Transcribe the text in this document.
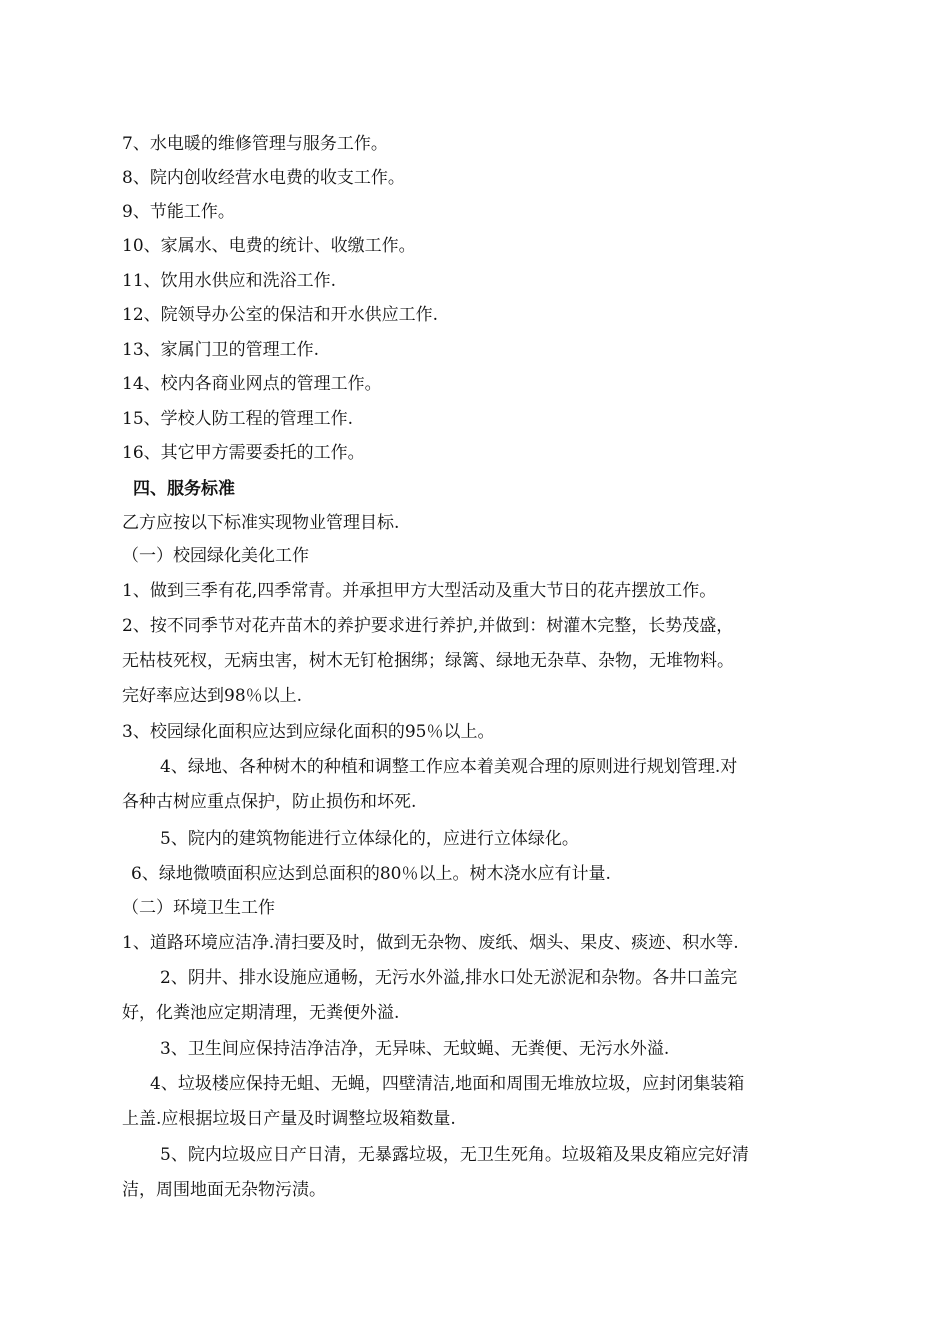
7、水电暖的维修管理与服务工作。
8、院内创收经营水电费的收支工作。
9、节能工作。
10、家属水、电费的统计、收缴工作。
11、饮用水供应和洗浴工作.
12、院领导办公室的保洁和开水供应工作.
13、家属门卫的管理工作.
14、校内各商业网点的管理工作。
15、学校人防工程的管理工作.
16、其它甲方需要委托的工作。
四、服务标准
乙方应按以下标准实现物业管理目标.
（一）校园绿化美化工作
1、做到三季有花,四季常青。并承担甲方大型活动及重大节日的花卉摆放工作。
2、按不同季节对花卉苗木的养护要求进行养护,并做到：树灌木完整，长势茂盛，
无枯枝死杈，无病虫害，树木无钉枪捆绑；绿篱、绿地无杂草、杂物，无堆物料。
完好率应达到98％以上.
3、校园绿化面积应达到应绿化面积的95％以上。
4、绿地、各种树木的种植和调整工作应本着美观合理的原则进行规划管理.对
各种古树应重点保护，防止损伤和坏死.
5、院内的建筑物能进行立体绿化的，应进行立体绿化。
6、绿地微喷面积应达到总面积的80％以上。树木浇水应有计量.
（二）环境卫生工作
1、道路环境应洁净.清扫要及时，做到无杂物、废纸、烟头、果皮、痰迹、积水等.
2、阴井、排水设施应通畅，无污水外溢,排水口处无淤泥和杂物。各井口盖完
好，化粪池应定期清理，无粪便外溢.
3、卫生间应保持洁净洁净，无异味、无蚊蝇、无粪便、无污水外溢.
4、垃圾楼应保持无蛆、无蝇，四壁清洁,地面和周围无堆放垃圾，应封闭集装箱
上盖.应根据垃圾日产量及时调整垃圾箱数量.
5、院内垃圾应日产日清，无暴露垃圾，无卫生死角。垃圾箱及果皮箱应完好清
洁，周围地面无杂物污渍。
